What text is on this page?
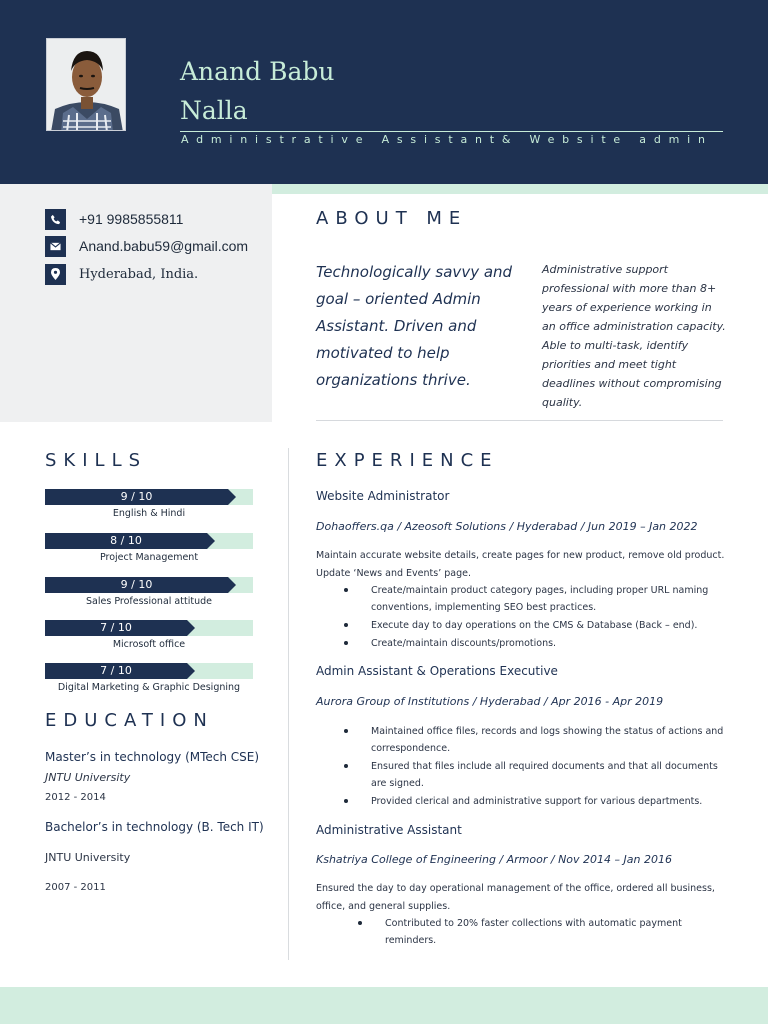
Anand Babu
Nalla
Administrative Assistant& Website admin
+91 9985855811
Anand.babu59@gmail.com
Hyderabad, India.
ABOUT ME
Technologically savvy and goal – oriented Admin Assistant. Driven and motivated to help organizations thrive.
Administrative support professional with more than 8+ years of experience working in an office administration capacity. Able to multi-task, identify priorities and meet tight deadlines without compromising quality.
SKILLS
9 / 10
English & Hindi
8 / 10
Project Management
9 / 10
Sales Professional attitude
7 / 10
Microsoft office
7 / 10
Digital Marketing & Graphic Designing
EDUCATION
Master’s in technology (MTech CSE)
JNTU University
2012 - 2014
Bachelor’s in technology (B. Tech IT)
JNTU University
2007 - 2011
EXPERIENCE
Website Administrator
Dohaoffers.qa / Azeosoft Solutions / Hyderabad / Jun 2019 – Jan 2022
Maintain accurate website details, create pages for new product, remove old product. Update ‘News and Events’ page.
Create/maintain product category pages, including proper URL naming conventions, implementing SEO best practices.
Execute day to day operations on the CMS & Database (Back – end).
Create/maintain discounts/promotions.
Admin Assistant & Operations Executive
Aurora Group of Institutions / Hyderabad / Apr 2016 - Apr 2019
Maintained office files, records and logs showing the status of actions and correspondence.
Ensured that files include all required documents and that all documents are signed.
Provided clerical and administrative support for various departments.
Administrative Assistant
Kshatriya College of Engineering / Armoor / Nov 2014 – Jan 2016
Ensured the day to day operational management of the office, ordered all business, office, and general supplies.
Contributed to 20% faster collections with automatic payment reminders.
